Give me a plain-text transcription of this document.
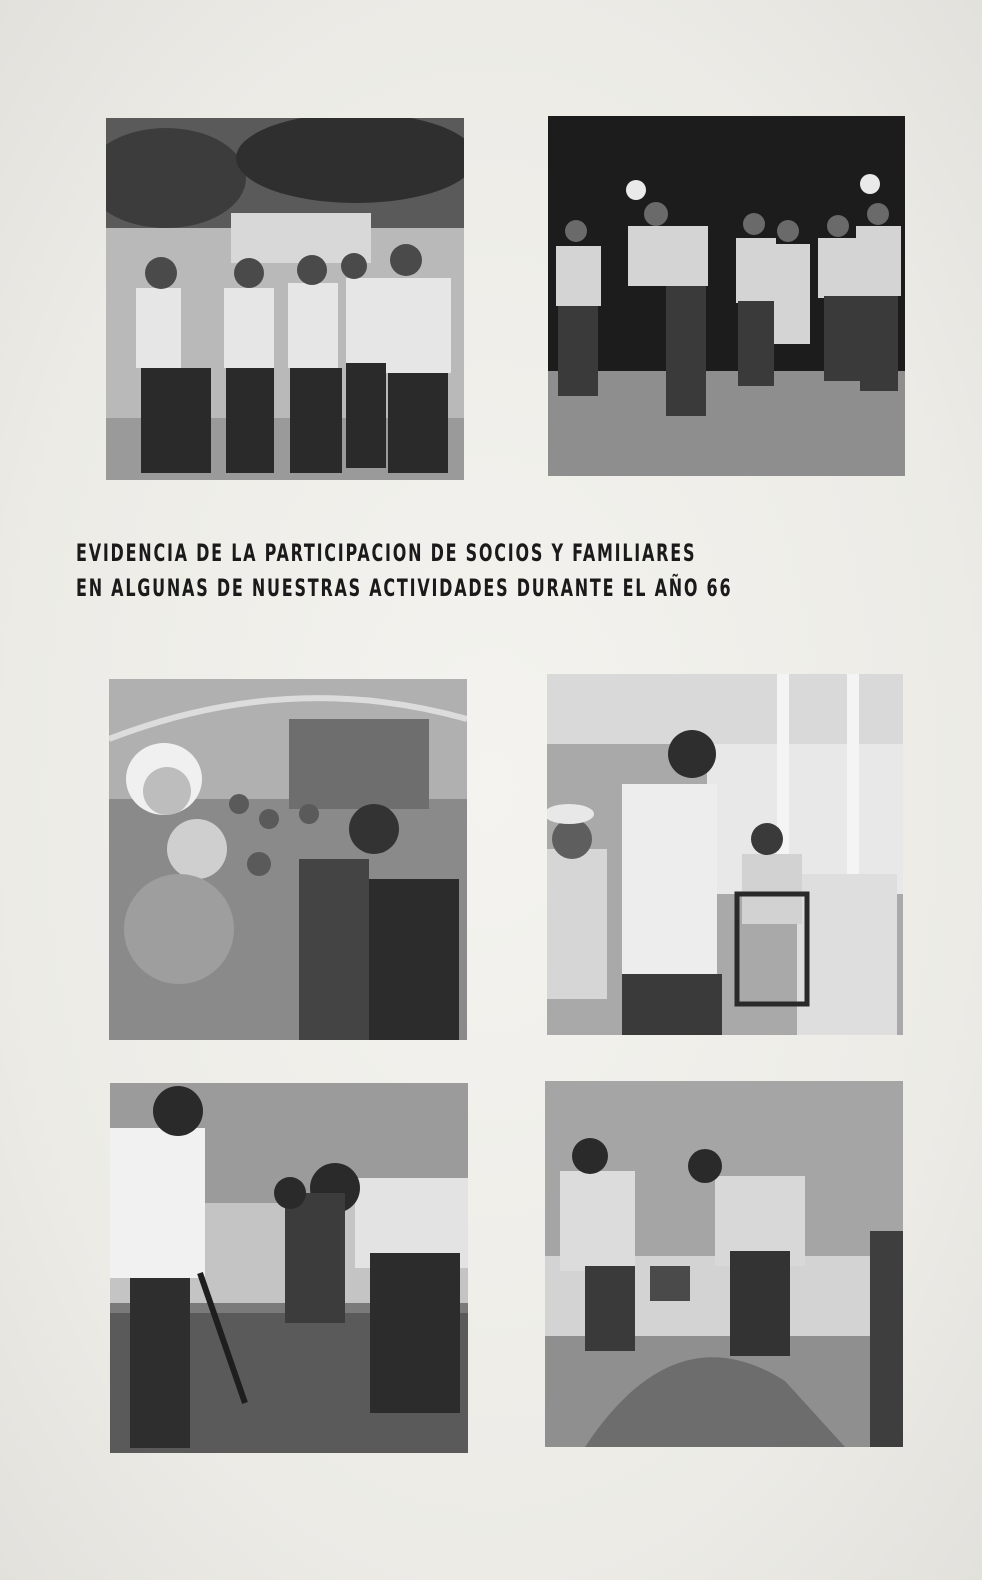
EVIDENCIA DE LA PARTICIPACION DE SOCIOS Y FAMILIARES
EN ALGUNAS DE NUESTRAS ACTIVIDADES DURANTE EL AÑO 66
